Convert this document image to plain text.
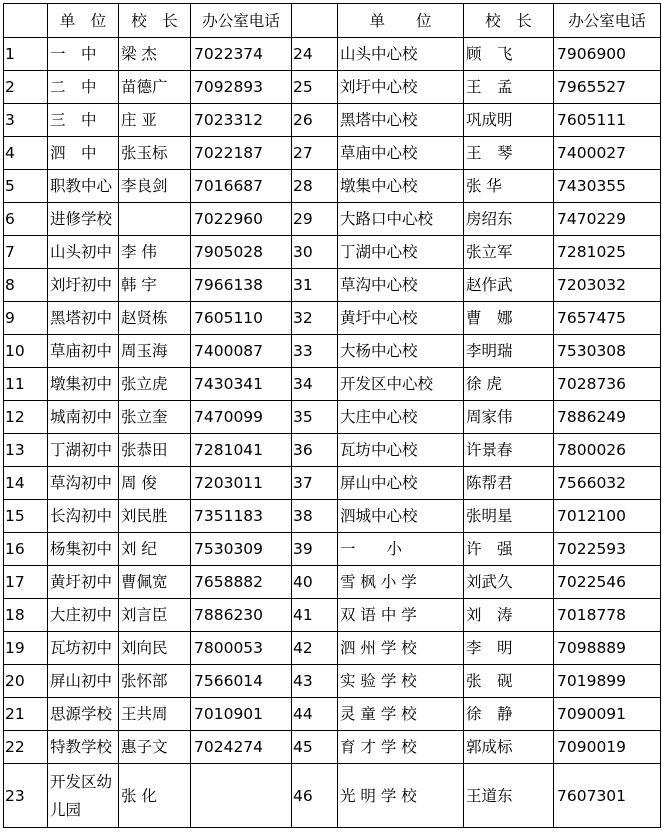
	单　位	校　长	办公室电话		单　　位	校　长	办公室电话
1	一　中	梁 杰	7022374	24	山头中心校	顾　飞	7906900
2	二　中	苗德广	7092893	25	刘圩中心校	王　孟	7965527
3	三　中	庄 亚	7023312	26	黑塔中心校	巩成明	7605111
4	泗　中	张玉标	7022187	27	草庙中心校	王　琴	7400027
5	职教中心	李良剑	7016687	28	墩集中心校	张 华	7430355
6	进修学校		7022960	29	大路口中心校	房绍东	7470229
7	山头初中	李 伟	7905028	30	丁湖中心校	张立军	7281025
8	刘圩初中	韩 宇	7966138	31	草沟中心校	赵作武	7203032
9	黑塔初中	赵贤栋	7605110	32	黄圩中心校	曹　娜	7657475
10	草庙初中	周玉海	7400087	33	大杨中心校	李明瑞	7530308
11	墩集初中	张立虎	7430341	34	开发区中心校	徐 虎	7028736
12	城南初中	张立奎	7470099	35	大庄中心校	周家伟	7886249
13	丁湖初中	张恭田	7281041	36	瓦坊中心校	许景春	7800026
14	草沟初中	周 俊	7203011	37	屏山中心校	陈帮君	7566032
15	长沟初中	刘民胜	7351183	38	泗城中心校	张明星	7012100
16	杨集初中	刘 纪	7530309	39	一　　小	许　强	7022593
17	黄圩初中	曹佩宽	7658882	40	雪 枫 小 学	刘武久	7022546
18	大庄初中	刘言臣	7886230	41	双 语 中 学	刘　涛	7018778
19	瓦坊初中	刘向民	7800053	42	泗 州 学 校	李　明	7098889
20	屏山初中	张怀部	7566014	43	实 验 学 校	张　砚	7019899
21	思源学校	王共周	7010901	44	灵 童 学 校	徐　静	7090091
22	特教学校	惠子文	7024274	45	育 才 学 校	郭成标	7090019
23	开发区幼儿园	张 化		46	光 明 学 校	王道东	7607301
